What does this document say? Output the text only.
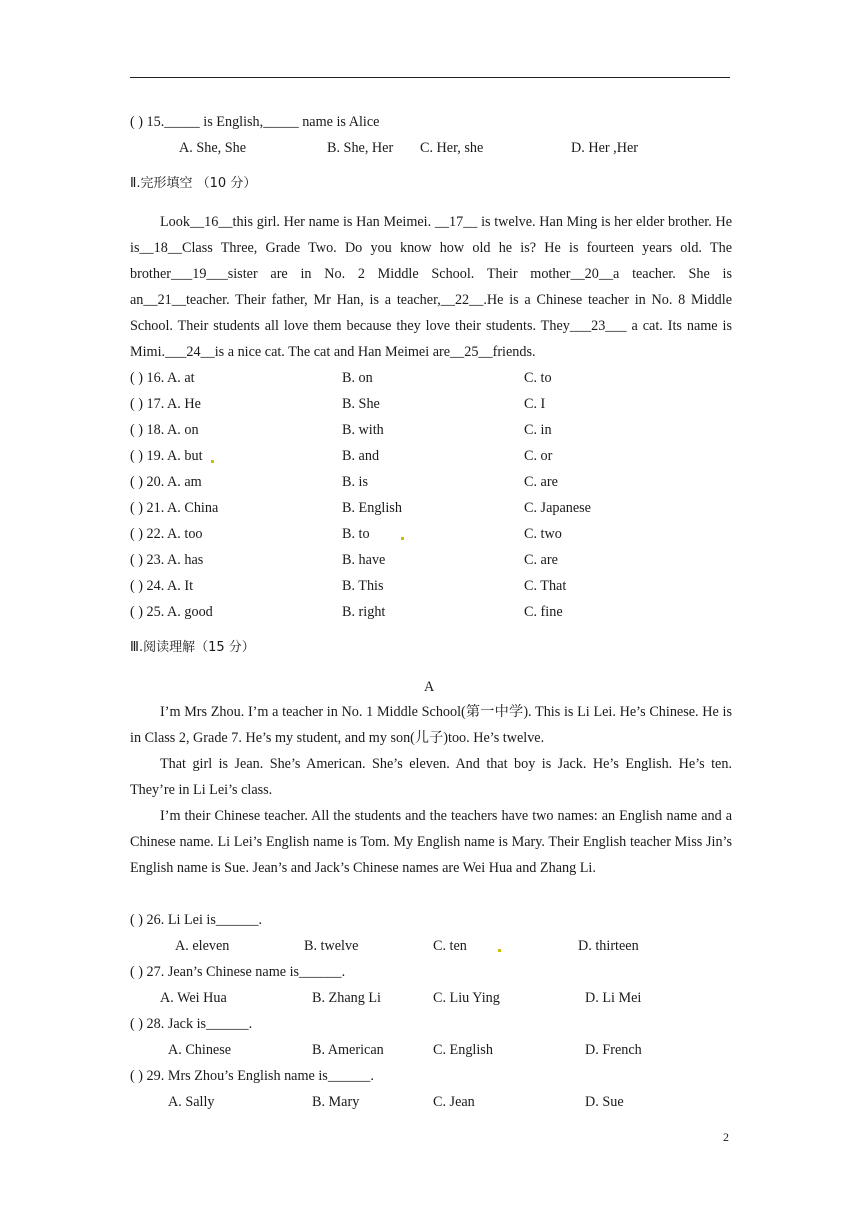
( ) 15._____ is English,_____ name is Alice
A. She, She	B. She, Her C. Her, she	D. Her ,Her
Ⅱ.完形填空 （10 分）
Look__16__this girl. Her name is Han Meimei. __17__ is twelve. Han Ming is her elder brother. He is__18__Class Three, Grade Two. Do you know how old he is? He is fourteen years old. The brother___19___sister are in No. 2 Middle School. Their mother__20__a teacher. She is an__21__teacher. Their father, Mr Han, is a teacher,__22__.He is a Chinese teacher in No. 8 Middle School. Their students all love them because they love their students. They___23___ a cat. Its name is Mimi.___24__is a nice cat. The cat and Han Meimei are__25__friends.
( ) 16. A. at	B. on	C. to
( ) 17. A. He	B. She	C. I
( ) 18. A. on	B. with	C. in
( ) 19. A. but	B. and	C. or
( ) 20. A. am	B. is	C. are
( ) 21. A. China	B. English	C. Japanese
( ) 22. A. too	B. to	C. two
( ) 23. A. has	B. have	C. are
( ) 24. A. It	B. This	C. That
( ) 25. A. good	B. right	C. fine
Ⅲ.阅读理解（15 分）
A
I’m Mrs Zhou. I’m a teacher in No. 1 Middle School(第一中学). This is Li Lei. He’s Chinese. He is in Class 2, Grade 7. He’s my student, and my son(儿子)too. He’s twelve.
That girl is Jean. She’s American. She’s eleven. And that boy is Jack. He’s English. He’s ten. They’re in Li Lei’s class.
I’m their Chinese teacher. All the students and the teachers have two names: an English name and a Chinese name. Li Lei’s English name is Tom. My English name is Mary. Their English teacher Miss Jin’s English name is Sue. Jean’s and Jack’s Chinese names are Wei Hua and Zhang Li.
( ) 26. Li Lei is______.
A. eleven	B. twelve	C. ten	D. thirteen
( ) 27. Jean’s Chinese name is______.
A. Wei Hua	B. Zhang Li	C. Liu Ying	D. Li Mei
( ) 28. Jack is______.
A. Chinese	B. American	C. English	D. French
( ) 29. Mrs Zhou’s English name is______.
A. Sally	B. Mary	C. Jean	D. Sue
2
